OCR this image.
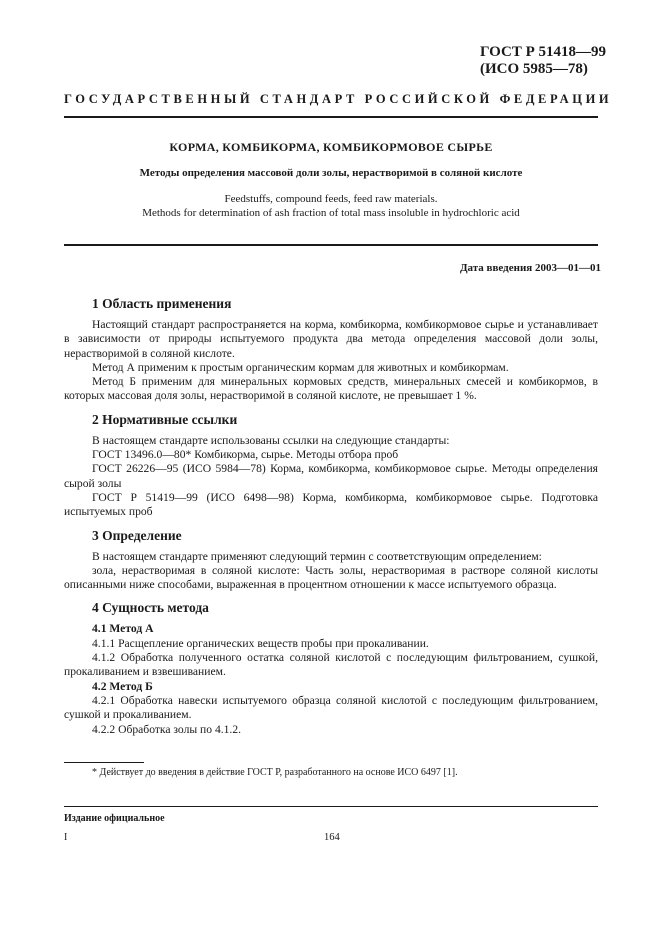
ГОСТ Р 51418—99
(ИСО 5985—78)
ГОСУДАРСТВЕННЫЙ СТАНДАРТ РОССИЙСКОЙ ФЕДЕРАЦИИ
КОРМА, КОМБИКОРМА, КОМБИКОРМОВОЕ СЫРЬЕ
Методы определения массовой доли золы, нерастворимой в соляной кислоте
Feedstuffs, compound feeds, feed raw materials.
Methods for determination of ash fraction of total mass insoluble in hydrochloric acid
Дата введения 2003—01—01
1 Область применения

Настоящий стандарт распространяется на корма, комбикорма, комбикормовое сырье и устанавливает в зависимости от природы испытуемого продукта два метода определения массовой доли золы, нерастворимой в соляной кислоте.

Метод А применим к простым органическим кормам для животных и комбикормам.

Метод Б применим для минеральных кормовых средств, минеральных смесей и комбикормов, в которых массовая доля золы, нерастворимой в соляной кислоте, не превышает 1 %.

2 Нормативные ссылки

В настоящем стандарте использованы ссылки на следующие стандарты:

ГОСТ 13496.0—80* Комбикорма, сырье. Методы отбора проб

ГОСТ 26226—95 (ИСО 5984—78) Корма, комбикорма, комбикормовое сырье. Методы определения сырой золы

ГОСТ Р 51419—99 (ИСО 6498—98) Корма, комбикорма, комбикормовое сырье. Подготовка испытуемых проб

3 Определение

В настоящем стандарте применяют следующий термин с соответствующим определением:

зола, нерастворимая в соляной кислоте: Часть золы, нерастворимая в растворе соляной кислоты описанными ниже способами, выраженная в процентном отношении к массе испытуемого образца.

4 Сущность метода

4.1 Метод А

4.1.1 Расщепление органических веществ пробы при прокаливании.

4.1.2 Обработка полученного остатка соляной кислотой с последующим фильтрованием, сушкой, прокаливанием и взвешиванием.

4.2 Метод Б

4.2.1 Обработка навески испытуемого образца соляной кислотой с последующим фильтрованием, сушкой и прокаливанием.

4.2.2 Обработка золы по 4.1.2.

* Действует до введения в действие ГОСТ Р, разработанного на основе ИСО 6497 [1].
Издание официальное
I	164
